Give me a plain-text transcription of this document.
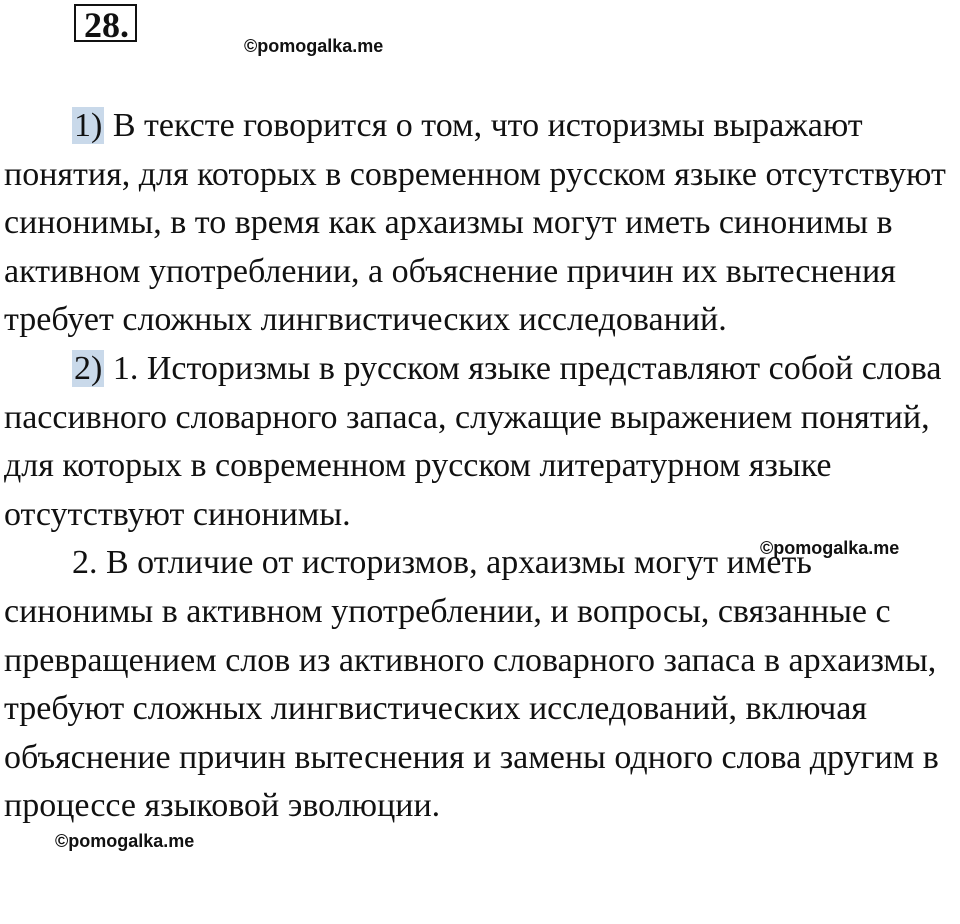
28.
©pomogalka.me

1) В тексте говорится о том, что историзмы выражают понятия, для которых в современном русском языке отсутствуют синонимы, в то время как архаизмы могут иметь синонимы в активном употреблении, а объяснение причин их вытеснения требует сложных лингвистических исследований.

2) 1. Историзмы в русском языке представляют собой слова пассивного словарного запаса, служащие выражением понятий, для которых в современном русском литературном языке отсутствуют синонимы.

2. В отличие от историзмов, архаизмы могут иметь синонимы в активном употреблении, и вопросы, связанные с превращением слов из активного словарного запаса в архаизмы, требуют сложных лингвистических исследований, включая объяснение причин вытеснения и замены одного слова другим в процессе языковой эволюции.

©pomogalka.me
©pomogalka.me
